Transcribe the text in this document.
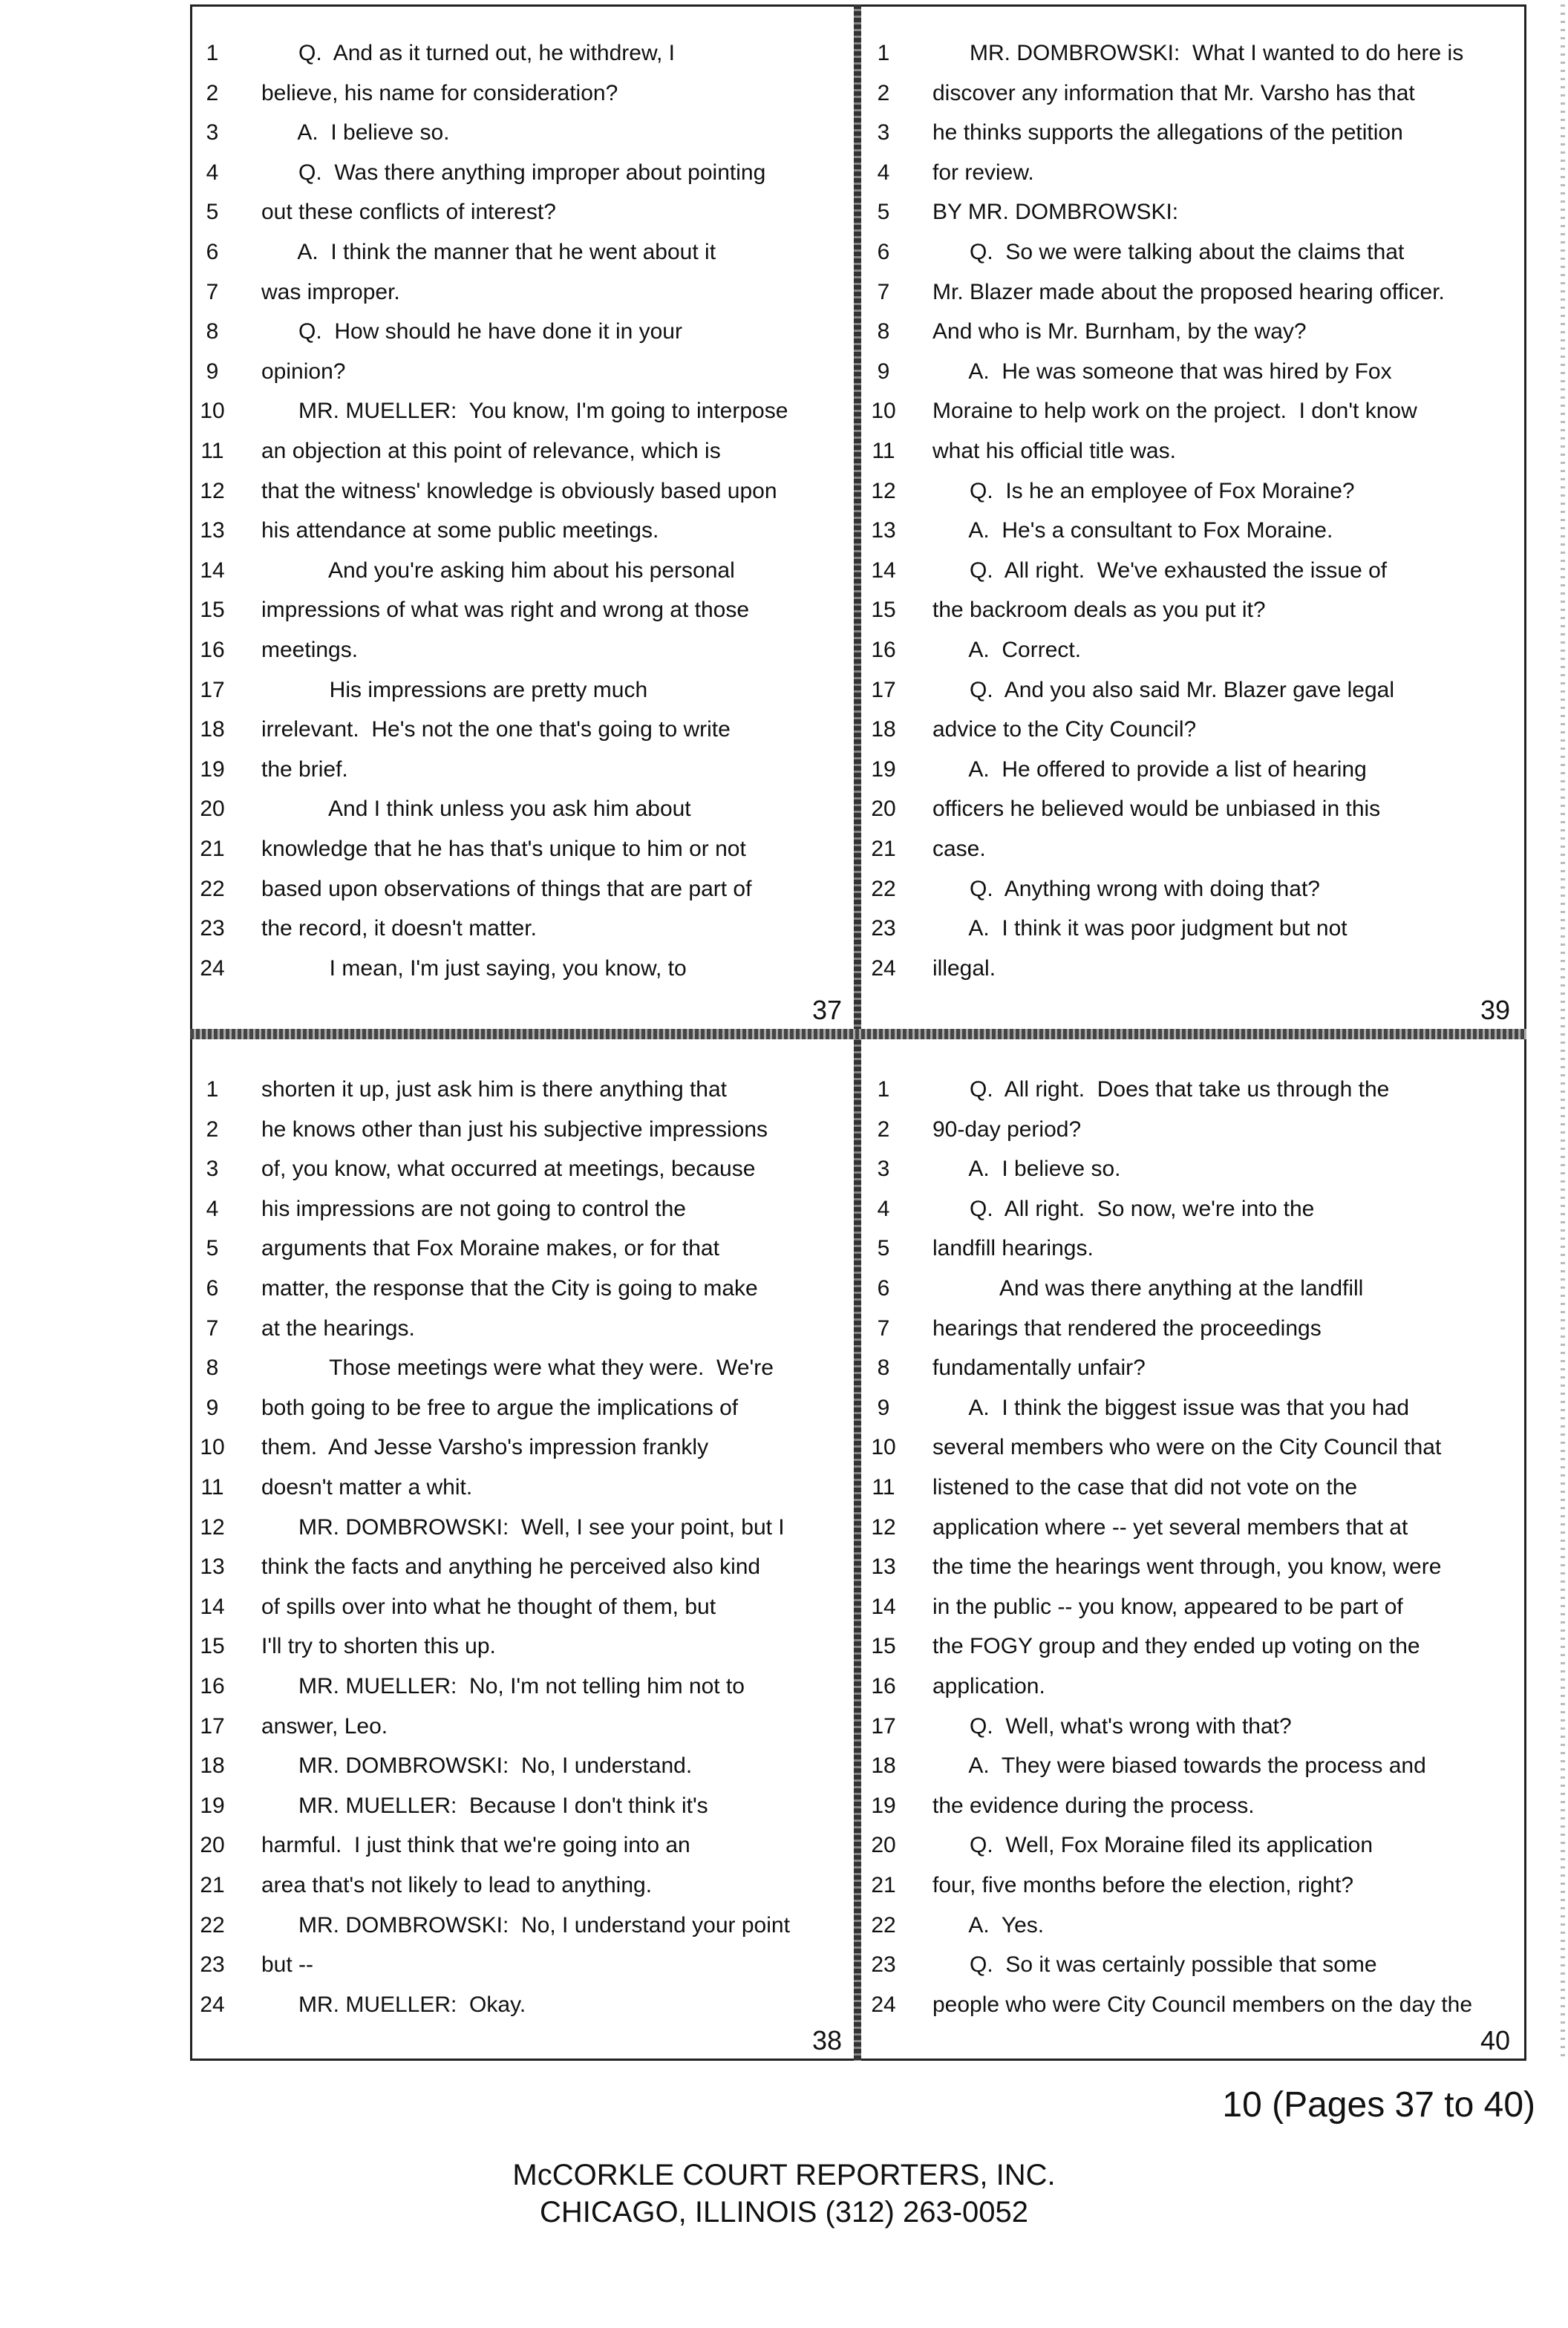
1	Q.  And as it turned out, he withdrew, I
2	believe, his name for consideration?
3	A.  I believe so.
4	Q.  Was there anything improper about pointing
5	out these conflicts of interest?
6	A.  I think the manner that he went about it
7	was improper.
8	Q.  How should he have done it in your
9	opinion?
10	MR. MUELLER:  You know, I'm going to interpose
11	an objection at this point of relevance, which is
12	that the witness' knowledge is obviously based upon
13	his attendance at some public meetings.
14	And you're asking him about his personal
15	impressions of what was right and wrong at those
16	meetings.
17	His impressions are pretty much
18	irrelevant.  He's not the one that's going to write
19	the brief.
20	And I think unless you ask him about
21	knowledge that he has that's unique to him or not
22	based upon observations of things that are part of
23	the record, it doesn't matter.
24	I mean, I'm just saying, you know, to
1	MR. DOMBROWSKI:  What I wanted to do here is
2	discover any information that Mr. Varsho has that
3	he thinks supports the allegations of the petition
4	for review.
5	BY MR. DOMBROWSKI:
6	Q.  So we were talking about the claims that
7	Mr. Blazer made about the proposed hearing officer.
8	And who is Mr. Burnham, by the way?
9	A.  He was someone that was hired by Fox
10	Moraine to help work on the project.  I don't know
11	what his official title was.
12	Q.  Is he an employee of Fox Moraine?
13	A.  He's a consultant to Fox Moraine.
14	Q.  All right.  We've exhausted the issue of
15	the backroom deals as you put it?
16	A.  Correct.
17	Q.  And you also said Mr. Blazer gave legal
18	advice to the City Council?
19	A.  He offered to provide a list of hearing
20	officers he believed would be unbiased in this
21	case.
22	Q.  Anything wrong with doing that?
23	A.  I think it was poor judgment but not
24	illegal.
1	shorten it up, just ask him is there anything that
2	he knows other than just his subjective impressions
3	of, you know, what occurred at meetings, because
4	his impressions are not going to control the
5	arguments that Fox Moraine makes, or for that
6	matter, the response that the City is going to make
7	at the hearings.
8	Those meetings were what they were.  We're
9	both going to be free to argue the implications of
10	them.  And Jesse Varsho's impression frankly
11	doesn't matter a whit.
12	MR. DOMBROWSKI:  Well, I see your point, but I
13	think the facts and anything he perceived also kind
14	of spills over into what he thought of them, but
15	I'll try to shorten this up.
16	MR. MUELLER:  No, I'm not telling him not to
17	answer, Leo.
18	MR. DOMBROWSKI:  No, I understand.
19	MR. MUELLER:  Because I don't think it's
20	harmful.  I just think that we're going into an
21	area that's not likely to lead to anything.
22	MR. DOMBROWSKI:  No, I understand your point
23	but --
24	MR. MUELLER:  Okay.
1	Q.  All right.  Does that take us through the
2	90-day period?
3	A.  I believe so.
4	Q.  All right.  So now, we're into the
5	landfill hearings.
6	And was there anything at the landfill
7	hearings that rendered the proceedings
8	fundamentally unfair?
9	A.  I think the biggest issue was that you had
10	several members who were on the City Council that
11	listened to the case that did not vote on the
12	application where -- yet several members that at
13	the time the hearings went through, you know, were
14	in the public -- you know, appeared to be part of
15	the FOGY group and they ended up voting on the
16	application.
17	Q.  Well, what's wrong with that?
18	A.  They were biased towards the process and
19	the evidence during the process.
20	Q.  Well, Fox Moraine filed its application
21	four, five months before the election, right?
22	A.  Yes.
23	Q.  So it was certainly possible that some
24	people who were City Council members on the day the
37	39
38	40
10 (Pages 37 to 40)
McCORKLE COURT REPORTERS, INC.
CHICAGO, ILLINOIS (312) 263-0052
